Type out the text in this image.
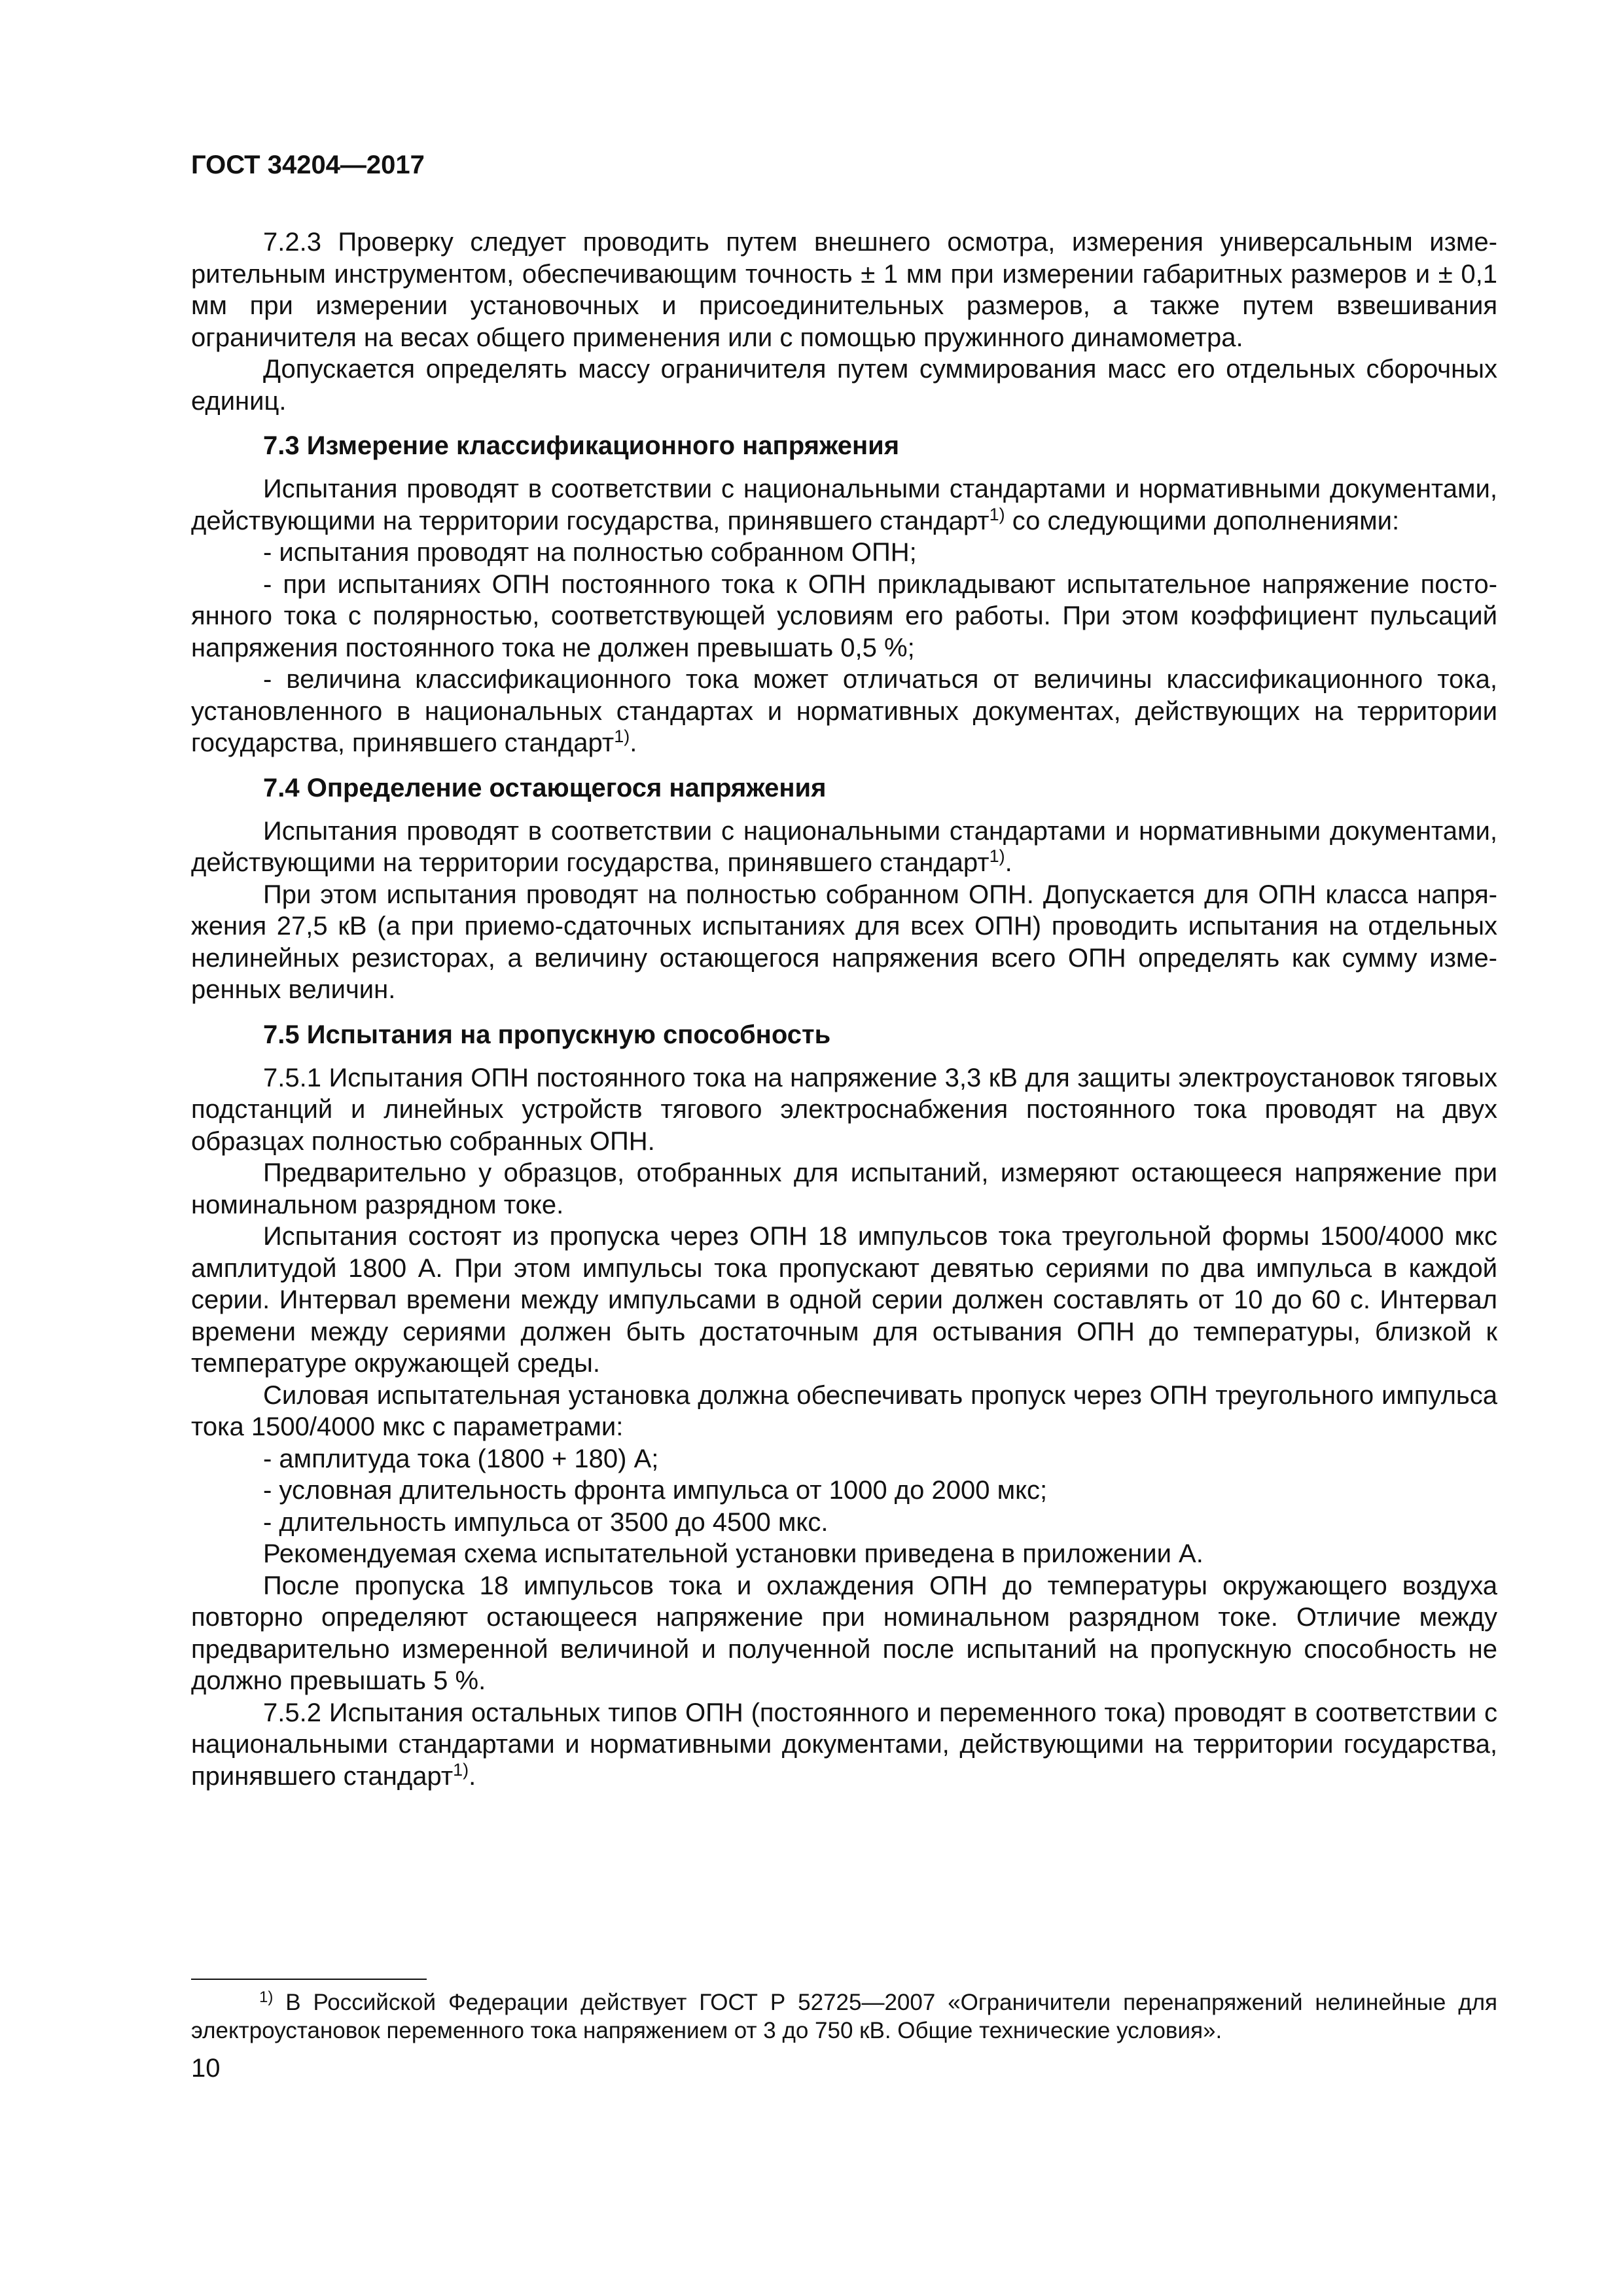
ГОСТ 34204—2017

7.2.3 Проверку следует проводить путем внешнего осмотра, измерения универсальным измерительным инструментом, обеспечивающим точность ± 1 мм при измерении габаритных размеров и ± 0,1 мм при измерении установочных и присоединительных размеров, а также путем взвешивания ограничителя на весах общего применения или с помощью пружинного динамометра.

Допускается определять массу ограничителя путем суммирования масс его отдельных сборочных единиц.

7.3 Измерение классификационного напряжения

Испытания проводят в соответствии с национальными стандартами и нормативными документами, действующими на территории государства, принявшего стандарт$^{1)}$ со следующими дополнениями:

- испытания проводят на полностью собранном ОПН;

- при испытаниях ОПН постоянного тока к ОПН прикладывают испытательное напряжение постоянного тока с полярностью, соответствующей условиям его работы. При этом коэффициент пульсаций напряжения постоянного тока не должен превышать 0,5 %;

- величина классификационного тока может отличаться от величины классификационного тока, установленного в национальных стандартах и нормативных документах, действующих на территории государства, принявшего стандарт$^{1)}$.

7.4 Определение остающегося напряжения

Испытания проводят в соответствии с национальными стандартами и нормативными документами, действующими на территории государства, принявшего стандарт$^{1)}$.

При этом испытания проводят на полностью собранном ОПН. Допускается для ОПН класса напряжения 27,5 кВ (а при приемо-сдаточных испытаниях для всех ОПН) проводить испытания на отдельных нелинейных резисторах, а величину остающегося напряжения всего ОПН определять как сумму измеренных величин.

7.5 Испытания на пропускную способность

7.5.1 Испытания ОПН постоянного тока на напряжение 3,3 кВ для защиты электроустановок тяговых подстанций и линейных устройств тягового электроснабжения постоянного тока проводят на двух образцах полностью собранных ОПН.

Предварительно у образцов, отобранных для испытаний, измеряют остающееся напряжение при номинальном разрядном токе.

Испытания состоят из пропуска через ОПН 18 импульсов тока треугольной формы 1500/4000 мкс амплитудой 1800 А. При этом импульсы тока пропускают девятью сериями по два импульса в каждой серии. Интервал времени между импульсами в одной серии должен составлять от 10 до 60 с. Интервал времени между сериями должен быть достаточным для остывания ОПН до температуры, близкой к температуре окружающей среды.

Силовая испытательная установка должна обеспечивать пропуск через ОПН треугольного импульса тока 1500/4000 мкс с параметрами:

- амплитуда тока (1800 + 180) А;

- условная длительность фронта импульса от 1000 до 2000 мкс;

- длительность импульса от 3500 до 4500 мкс.

Рекомендуемая схема испытательной установки приведена в приложении А.

После пропуска 18 импульсов тока и охлаждения ОПН до температуры окружающего воздуха повторно определяют остающееся напряжение при номинальном разрядном токе. Отличие между предварительно измеренной величиной и полученной после испытаний на пропускную способность не должно превышать 5 %.

7.5.2 Испытания остальных типов ОПН (постоянного и переменного тока) проводят в соответствии с национальными стандартами и нормативными документами, действующими на территории государства, принявшего стандарт$^{1)}$.

$^{1)}$ В Российской Федерации действует ГОСТ Р 52725—2007 «Ограничители перенапряжений нелинейные для электроустановок переменного тока напряжением от 3 до 750 кВ. Общие технические условия».

10
